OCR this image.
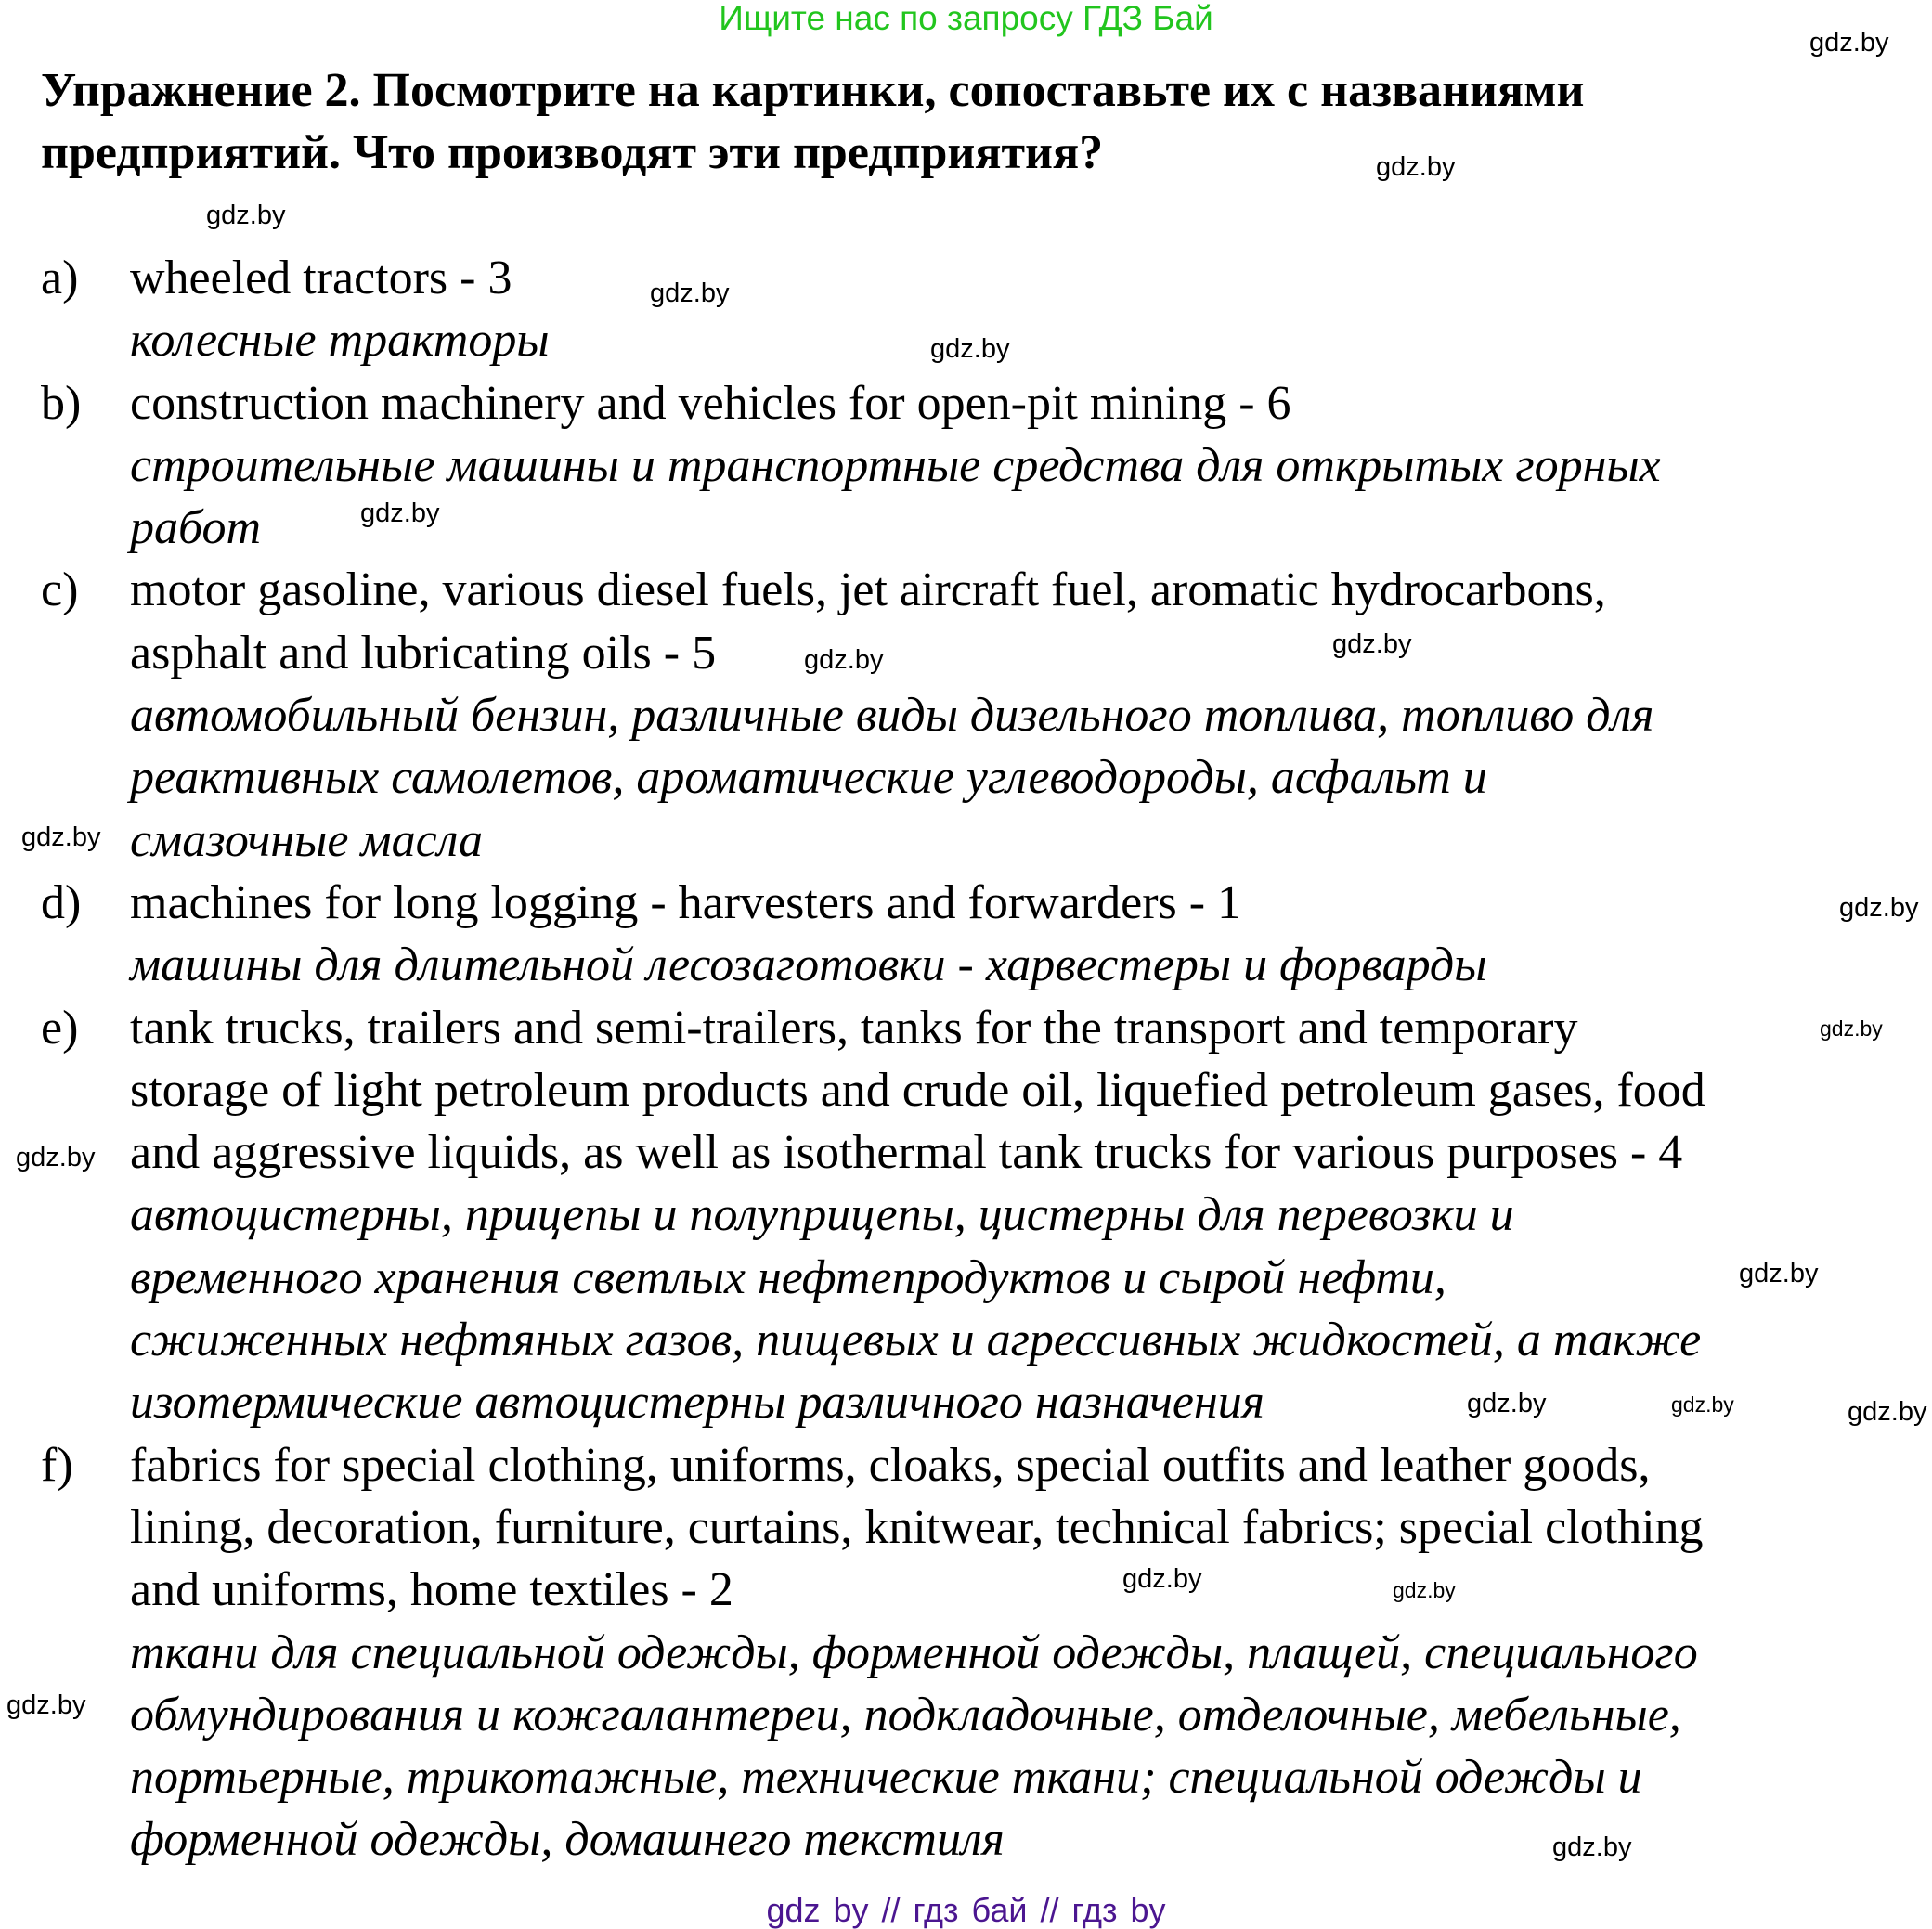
Ищите нас по запросу ГДЗ Бай
Упражнение 2. Посмотрите на картинки, сопоставьте их с названиями
предприятий. Что производят эти предприятия?
a) wheeled tractors - 3
колесные тракторы
b) construction machinery and vehicles for open-pit mining - 6
строительные машины и транспортные средства для открытых горных
работ
c) motor gasoline, various diesel fuels, jet aircraft fuel, aromatic hydrocarbons,
asphalt and lubricating oils - 5
автомобильный бензин, различные виды дизельного топлива, топливо для
реактивных самолетов, ароматические углеводороды, асфальт и
смазочные масла
d) machines for long logging - harvesters and forwarders - 1
машины для длительной лесозаготовки - харвестеры и форварды
e) tank trucks, trailers and semi-trailers, tanks for the transport and temporary
storage of light petroleum products and crude oil, liquefied petroleum gases, food
and aggressive liquids, as well as isothermal tank trucks for various purposes - 4
автоцистерны, прицепы и полуприцепы, цистерны для перевозки и
временного хранения светлых нефтепродуктов и сырой нефти,
сжиженных нефтяных газов, пищевых и агрессивных жидкостей, а также
изотермические автоцистерны различного назначения
f) fabrics for special clothing, uniforms, cloaks, special outfits and leather goods,
lining, decoration, furniture, curtains, knitwear, technical fabrics; special clothing
and uniforms, home textiles - 2
ткани для специальной одежды, форменной одежды, плащей, специального
обмундирования и кожгалантереи, подкладочные, отделочные, мебельные,
портьерные, трикотажные, технические ткани; специальной одежды и
форменной одежды, домашнего текстиля
gdz.by
gdz.by
gdz.by
gdz.by
gdz.by
gdz.by
gdz.by
gdz.by
gdz.by
gdz.by
gdz.by
gdz.by
gdz.by
gdz.by
gdz.by	gdz.by
gdz.by	gdz.by
gdz.by
gdz.by
gdz by // гдз бай // гдз by
